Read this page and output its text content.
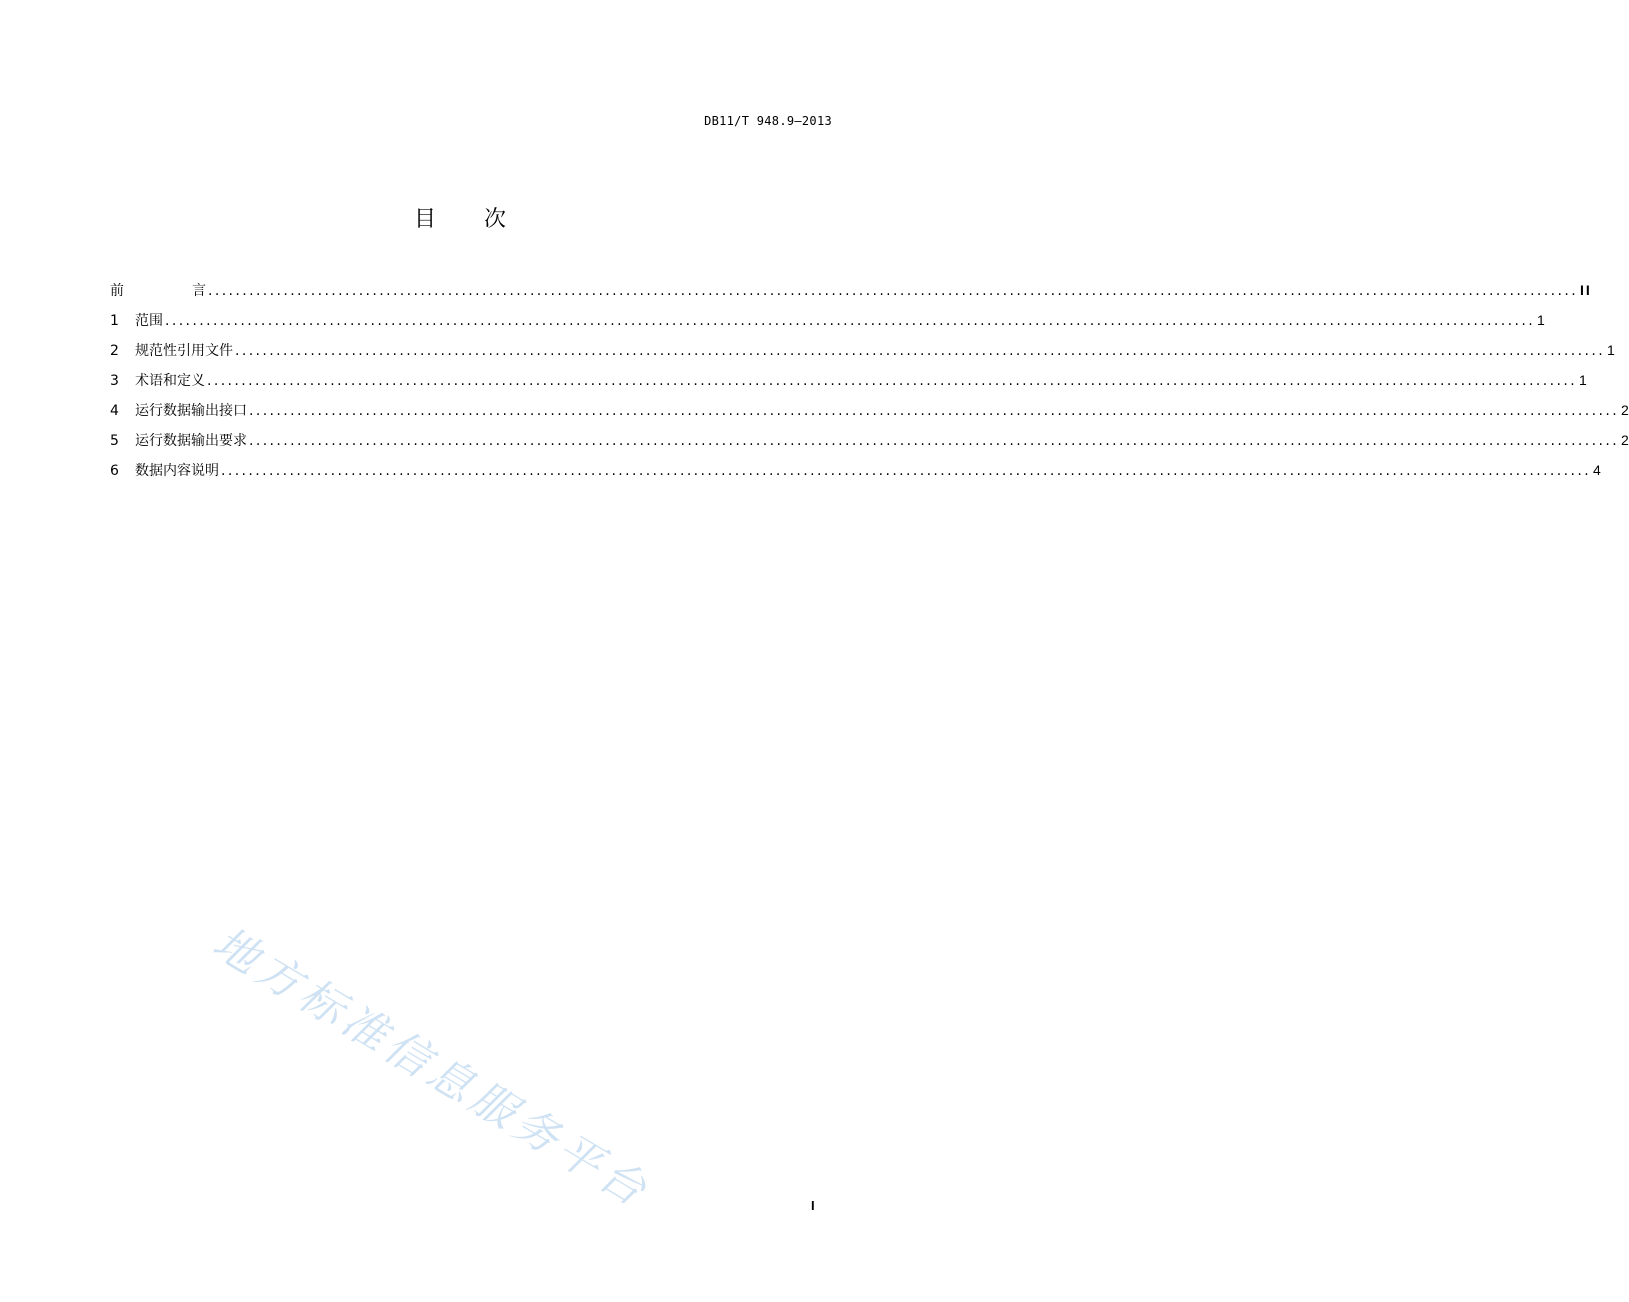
DB11/T 948.9—2013
目次
前	言 ........................................................................................................................................................................................................ II
1	范围 ........................................................................................................................................................................................................ 1
2	规范性引用文件 ........................................................................................................................................................................................................ 1
3	术语和定义 ........................................................................................................................................................................................................ 1
4	运行数据输出接口 ........................................................................................................................................................................................................ 2
5	运行数据输出要求 ........................................................................................................................................................................................................ 2
6	数据内容说明 ........................................................................................................................................................................................................ 4
地方标准信息服务平台	I
